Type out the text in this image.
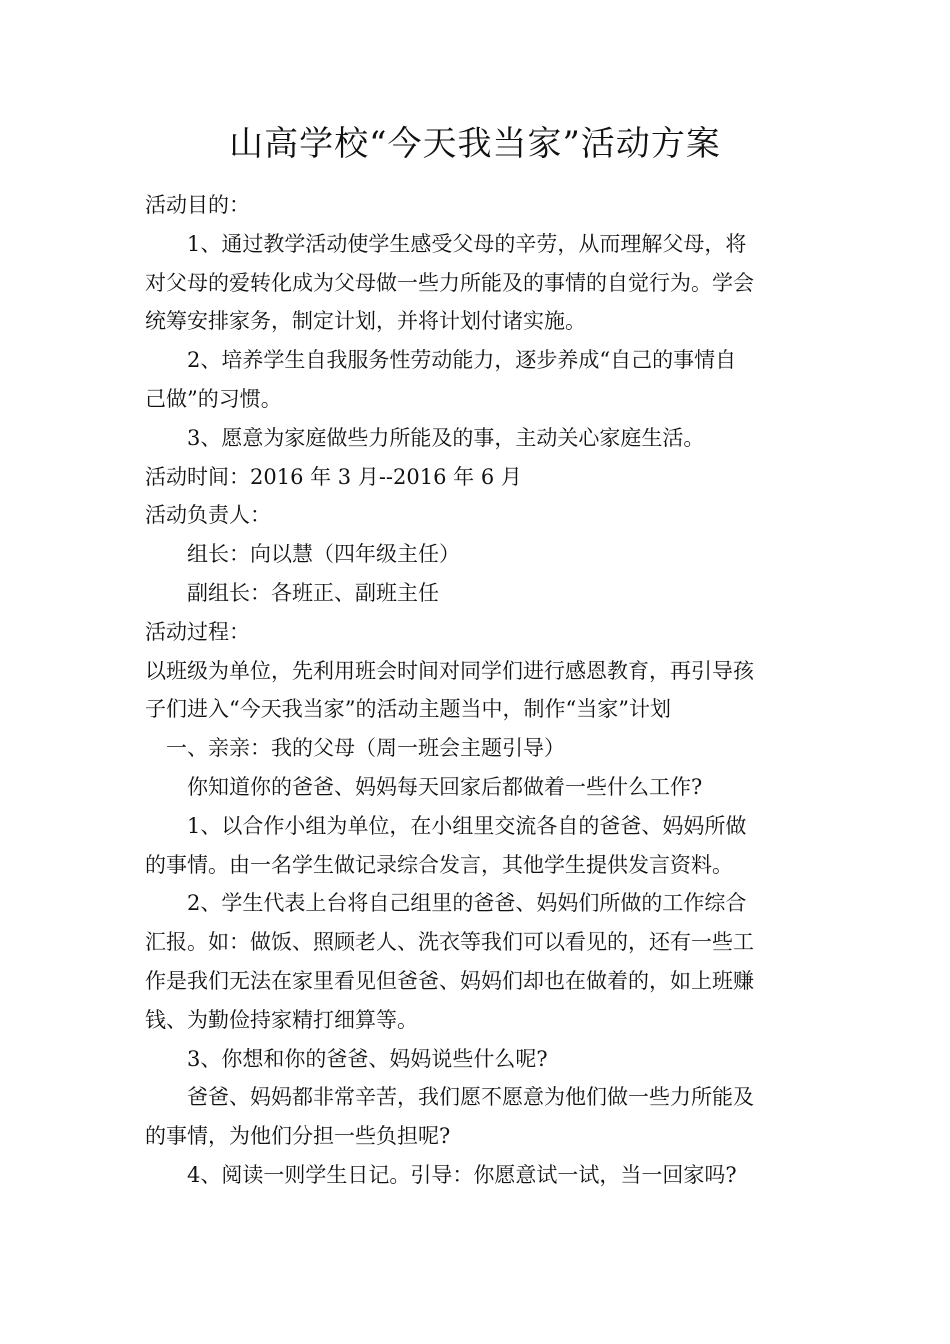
山高学校“今天我当家”活动方案

活动目的：

1、通过教学活动使学生感受父母的辛劳，从而理解父母，将

对父母的爱转化成为父母做一些力所能及的事情的自觉行为。学会

统筹安排家务，制定计划，并将计划付诸实施。

2、培养学生自我服务性劳动能力，逐步养成“自己的事情自

己做”的习惯。

3、愿意为家庭做些力所能及的事，主动关心家庭生活。

活动时间：2016 年 3 月--2016 年 6 月

活动负责人：

组长：向以慧（四年级主任）

副组长：各班正、副班主任

活动过程：

以班级为单位，先利用班会时间对同学们进行感恩教育，再引导孩

子们进入“今天我当家”的活动主题当中，制作“当家”计划

一、亲亲：我的父母（周一班会主题引导）

你知道你的爸爸、妈妈每天回家后都做着一些什么工作?

1、以合作小组为单位，在小组里交流各自的爸爸、妈妈所做

的事情。由一名学生做记录综合发言，其他学生提供发言资料。

2、学生代表上台将自己组里的爸爸、妈妈们所做的工作综合

汇报。如：做饭、照顾老人、洗衣等我们可以看见的，还有一些工

作是我们无法在家里看见但爸爸、妈妈们却也在做着的，如上班赚

钱、为勤俭持家精打细算等。

3、你想和你的爸爸、妈妈说些什么呢?

爸爸、妈妈都非常辛苦，我们愿不愿意为他们做一些力所能及

的事情，为他们分担一些负担呢?

4、阅读一则学生日记。引导：你愿意试一试，当一回家吗?
